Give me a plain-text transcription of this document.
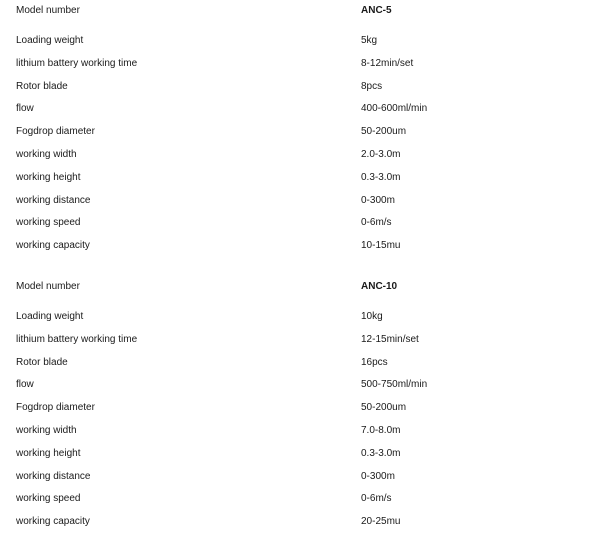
Model number	ANC-5
Loading weight	5kg
lithium battery working time	8-12min/set
Rotor blade	8pcs
flow	400-600ml/min
Fogdrop diameter	50-200um
working width	2.0-3.0m
working height	0.3-3.0m
working distance	0-300m
working speed	0-6m/s
working capacity	10-15mu
Model number	ANC-10
Loading weight	10kg
lithium battery working time	12-15min/set
Rotor blade	16pcs
flow	500-750ml/min
Fogdrop diameter	50-200um
working width	7.0-8.0m
working height	0.3-3.0m
working distance	0-300m
working speed	0-6m/s
working capacity	20-25mu
